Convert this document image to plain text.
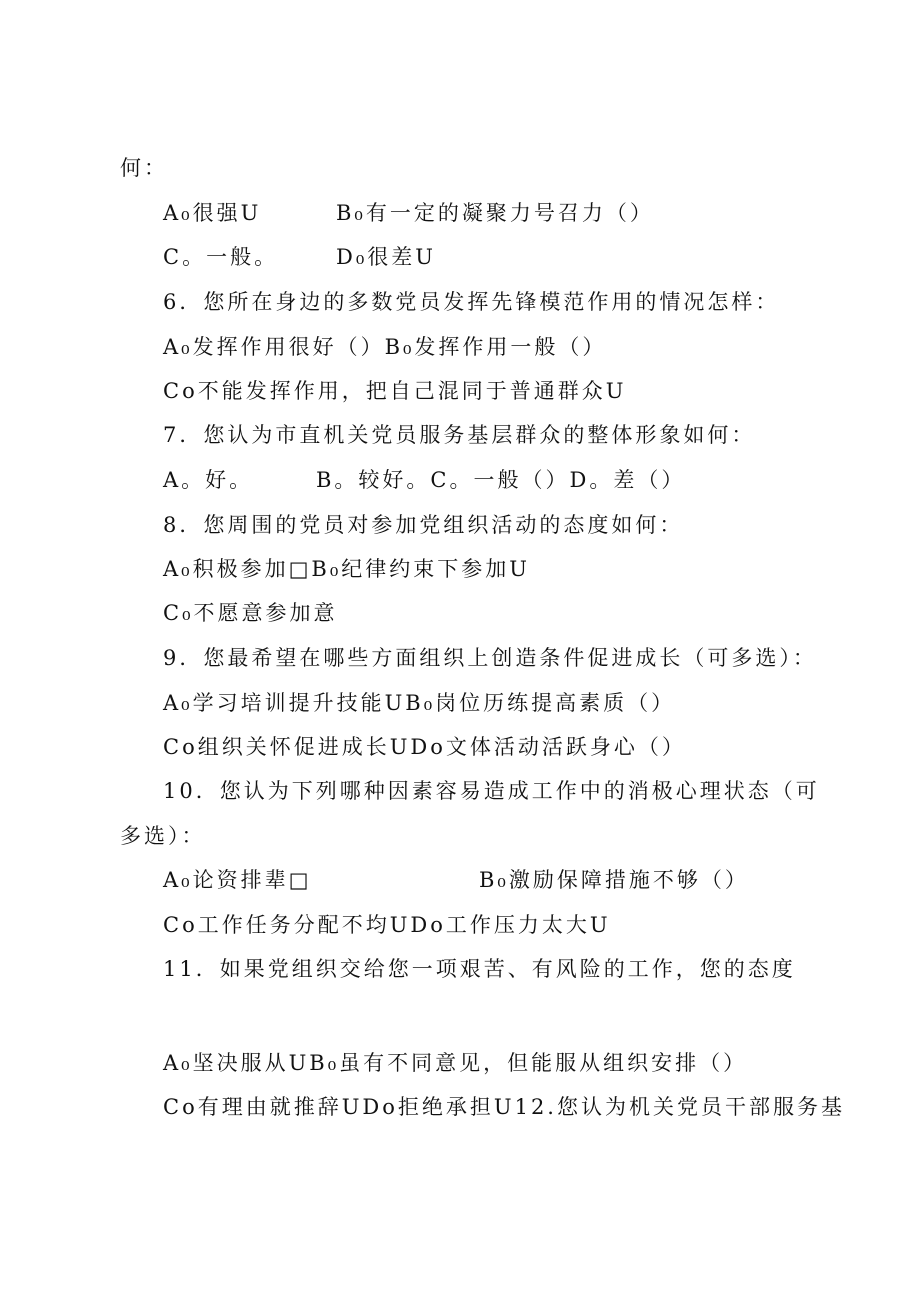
何：
A₀很强U	B₀有一定的凝聚力号召力（）
C。一般。	D₀很差U
6．您所在身边的多数党员发挥先锋模范作用的情况怎样：
A₀发挥作用很好（）B₀发挥作用一般（）
Co不能发挥作用，把自己混同于普通群众U
7．您认为市直机关党员服务基层群众的整体形象如何：
A。好。	B。较好。C。一般（）D。差（）
8．您周围的党员对参加党组织活动的态度如何：
A₀积极参加□B₀纪律约束下参加U
C₀不愿意参加意
9．您最希望在哪些方面组织上创造条件促进成长（可多选）：
A₀学习培训提升技能UB₀岗位历练提高素质（）
Co组织关怀促进成长UDo文体活动活跃身心（）
10．您认为下列哪种因素容易造成工作中的消极心理状态（可
多选）：
A₀论资排辈□	B₀激励保障措施不够（）
Co工作任务分配不均UDo工作压力太大U
11．如果党组织交给您一项艰苦、有风险的工作，您的态度
A₀坚决服从UB₀虽有不同意见，但能服从组织安排（）
Co有理由就推辞UDo拒绝承担U12.您认为机关党员干部服务基
